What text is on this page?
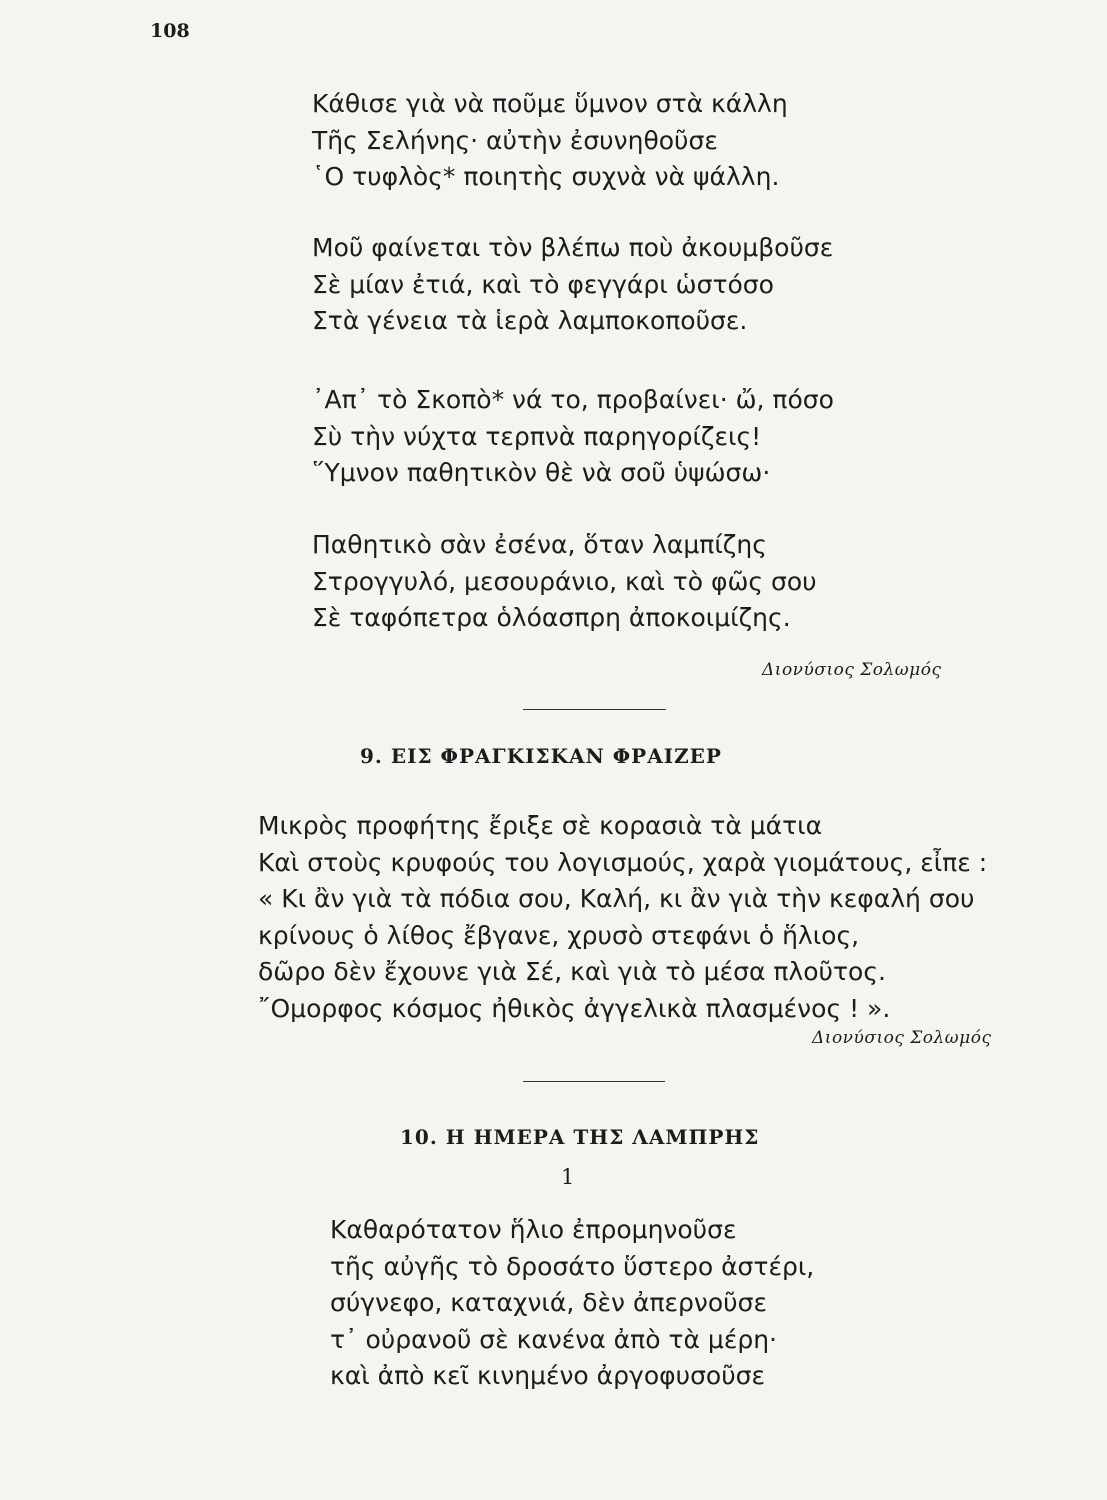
108
Κάθισε γιὰ νὰ ποῦμε ὕμνον στὰ κάλλη
Τῆς Σελήνης· αὐτὴν ἐσυνηθοῦσε
῾Ο τυφλὸς* ποιητὴς συχνὰ νὰ ψάλλη.
Μοῦ φαίνεται τὸν βλέπω ποὺ ἀκουμβοῦσε
Σὲ μίαν ἐτιά, καὶ τὸ φεγγάρι ὡστόσο
Στὰ γένεια τὰ ἱερὰ λαμποκοποῦσε.
᾿Απ᾿ τὸ Σκοπὸ* νά το, προβαίνει· ὤ, πόσο
Σὺ τὴν νύχτα τερπνὰ παρηγορίζεις!
῞Υμνον παθητικὸν θὲ νὰ σοῦ ὑψώσω·
Παθητικὸ σὰν ἐσένα, ὅταν λαμπίζης
Στρογγυλό, μεσουράνιο, καὶ τὸ φῶς σου
Σὲ ταφόπετρα ὁλόασπρη ἀποκοιμίζης.
Διονύσιος Σολωμός
9. ΕΙΣ ΦΡΑΓΚΙΣΚΑΝ ΦΡΑΙΖΕΡ
Μικρὸς προφήτης ἔριξε σὲ κορασιὰ τὰ μάτια
Καὶ στοὺς κρυφούς του λογισμούς, χαρὰ γιομάτους, εἶπε :
« Κι ἂν γιὰ τὰ πόδια σου, Καλή, κι ἂν γιὰ τὴν κεφαλή σου
κρίνους ὁ λίθος ἔβγανε, χρυσὸ στεφάνι ὁ ἥλιος,
δῶρο δὲν ἔχουνε γιὰ Σέ, καὶ γιὰ τὸ μέσα πλοῦτος.
῎Ομορφος κόσμος ἠθικὸς ἀγγελικὰ πλασμένος ! ».
Διονύσιος Σολωμός
10. Η ΗΜΕΡΑ ΤΗΣ ΛΑΜΠΡΗΣ
1
Καθαρότατον ἥλιο ἐπρομηνοῦσε
τῆς αὐγῆς τὸ δροσάτο ὕστερο ἀστέρι,
σύγνεφο, καταχνιά, δὲν ἀπερνοῦσε
τ᾿ οὐρανοῦ σὲ κανένα ἀπὸ τὰ μέρη·
καὶ ἀπὸ κεῖ κινημένο ἀργοφυσοῦσε
